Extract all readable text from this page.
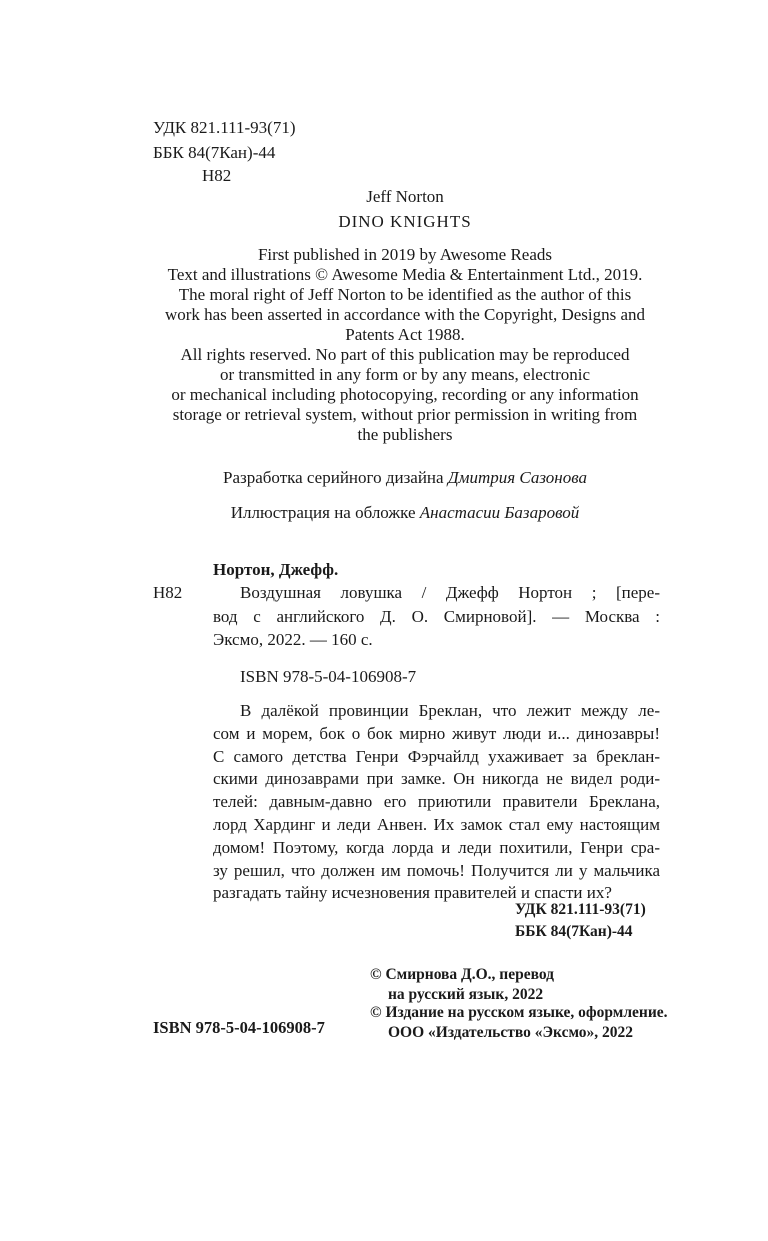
УДК 821.111-93(71)
ББК 84(7Кан)-44
Н82
Jeff Norton
DINO KNIGHTS
First published in 2019 by Awesome Reads
Text and illustrations © Awesome Media & Entertainment Ltd., 2019.
The moral right of Jeff Norton to be identified as the author of this
work has been asserted in accordance with the Copyright, Designs and
Patents Act 1988.
All rights reserved. No part of this publication may be reproduced
or transmitted in any form or by any means, electronic
or mechanical including photocopying, recording or any information
storage or retrieval system, without prior permission in writing from
the publishers
Разработка серийного дизайна Дмитрия Сазонова
Иллюстрация на обложке Анастасии Базаровой
Нортон, Джефф.
Н82	Воздушная ловушка / Джефф Нортон ; [пере-
вод с английского Д. О. Смирновой]. — Москва :
Эксмо, 2022. — 160 с.
ISBN 978-5-04-106908-7
В далёкой провинции Бреклан, что лежит между ле-
сом и морем, бок о бок мирно живут люди и... динозавры!
С самого детства Генри Фэрчайлд ухаживает за бреклан-
скими динозаврами при замке. Он никогда не видел роди-
телей: давным-давно его приютили правители Бреклана,
лорд Хардинг и леди Анвен. Их замок стал ему настоящим
домом! Поэтому, когда лорда и леди похитили, Генри сра-
зу решил, что должен им помочь! Получится ли у мальчика
разгадать тайну исчезновения правителей и спасти их?
УДК 821.111-93(71)
ББК 84(7Кан)-44
© Смирнова Д.О., перевод
на русский язык, 2022
© Издание на русском языке, оформление.
ООО «Издательство «Эксмо», 2022
ISBN 978-5-04-106908-7
